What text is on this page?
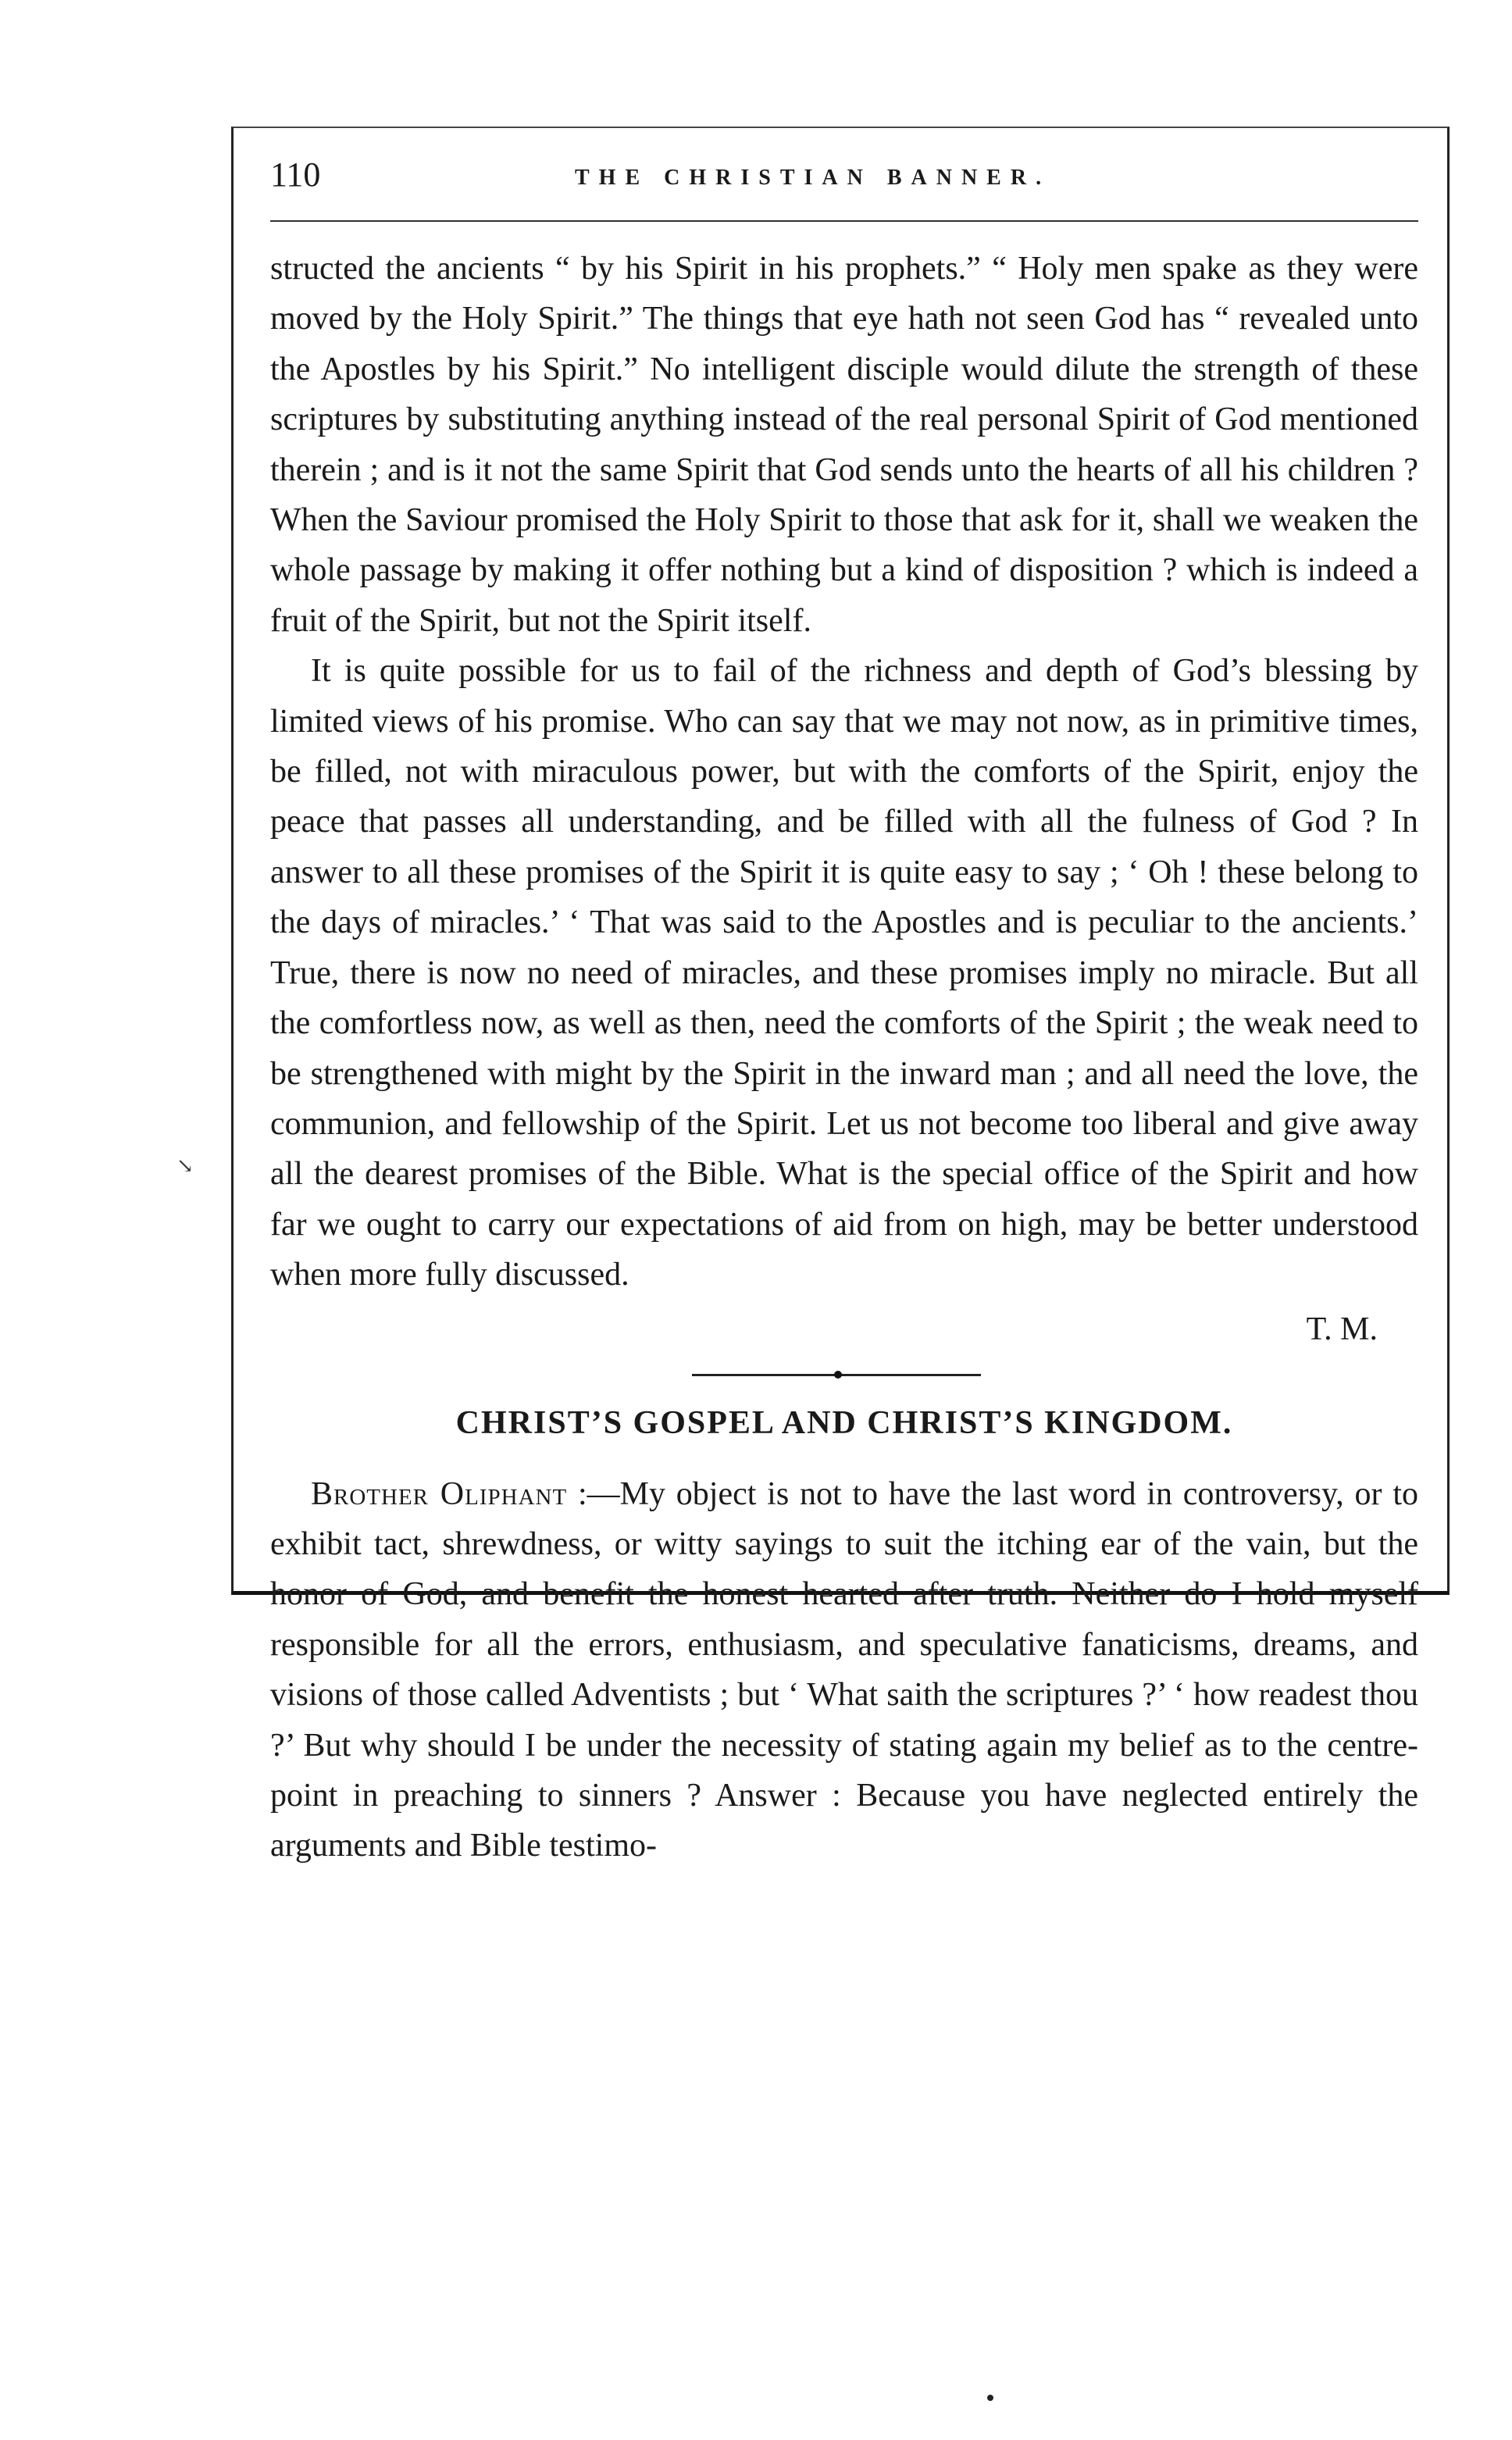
110	THE CHRISTIAN BANNER.

structed the ancients “ by his Spirit in his prophets.” “ Holy men spake as they were moved by the Holy Spirit.” The things that eye hath not seen God has “ revealed unto the Apostles by his Spirit.” No intelligent disciple would dilute the strength of these scriptures by substituting anything instead of the real personal Spirit of God mentioned therein ; and is it not the same Spirit that God sends unto the hearts of all his children ? When the Saviour promised the Holy Spirit to those that ask for it, shall we weaken the whole passage by making it offer nothing but a kind of disposition ? which is indeed a fruit of the Spirit, but not the Spirit itself.

It is quite possible for us to fail of the richness and depth of God’s blessing by limited views of his promise. Who can say that we may not now, as in primitive times, be filled, not with miraculous power, but with the comforts of the Spirit, enjoy the peace that passes all understanding, and be filled with all the fulness of God ? In answer to all these promises of the Spirit it is quite easy to say ; ‘ Oh ! these belong to the days of miracles.’ ‘ That was said to the Apostles and is peculiar to the ancients.’ True, there is now no need of miracles, and these promises imply no miracle. But all the comfortless now, as well as then, need the comforts of the Spirit ; the weak need to be strengthened with might by the Spirit in the inward man ; and all need the love, the communion, and fellowship of the Spirit. Let us not become too liberal and give away all the dearest promises of the Bible. What is the special office of the Spirit and how far we ought to carry our expectations of aid from on high, may be better understood when more fully discussed.

T. M.

CHRIST’S GOSPEL AND CHRIST’S KINGDOM.

Brother Oliphant :—My object is not to have the last word in controversy, or to exhibit tact, shrewdness, or witty sayings to suit the itching ear of the vain, but the honor of God, and benefit the honest hearted after truth. Neither do I hold myself responsible for all the errors, enthusiasm, and speculative fanaticisms, dreams, and visions of those called Adventists ; but ‘ What saith the scriptures ?’ ‘ how readest thou ?’ But why should I be under the necessity of stating again my belief as to the centre-point in preaching to sinners ? Answer : Because you have neglected entirely the arguments and Bible testimo-

↘
